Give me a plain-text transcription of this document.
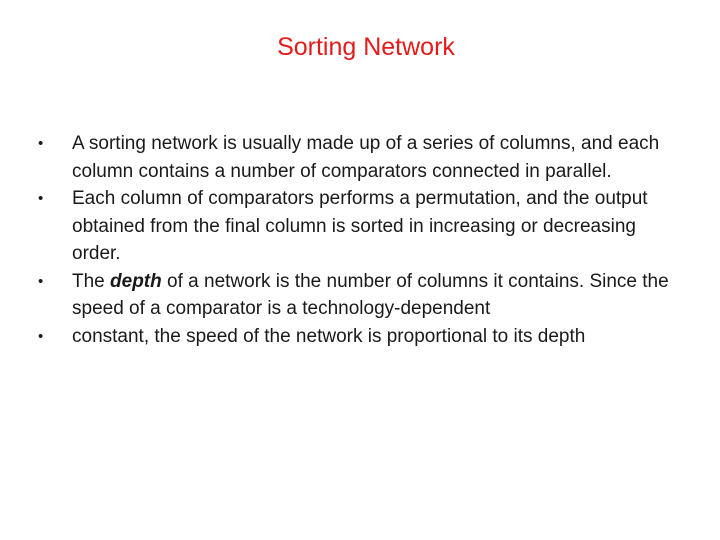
Sorting Network
• A sorting network is usually made up of a series of columns, and each column contains a number of comparators connected in parallel.
• Each column of comparators performs a permutation, and the output obtained from the final column is sorted in increasing or decreasing order.
• The depth of a network is the number of columns it contains. Since the speed of a comparator is a technology-dependent
• constant, the speed of the network is proportional to its depth
